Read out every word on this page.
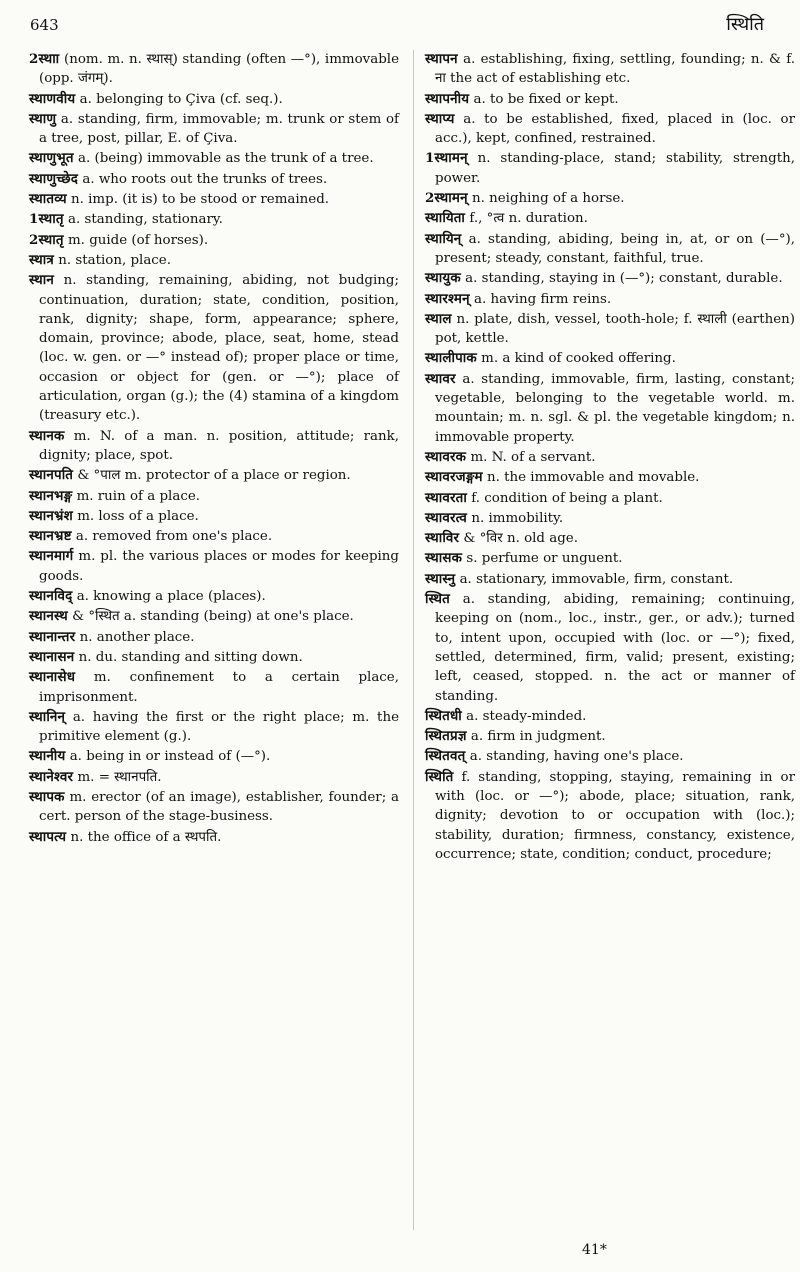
643	स्थिति

2स्थाा (nom. m. n. स्थास्) standing (often —°), immovable (opp. जंगम्).

स्थाणवीय a. belonging to Çiva (cf. seq.).

स्थाणु a. standing, firm, immovable; m. trunk or stem of a tree, post, pillar, E. of Çiva.

स्थाणुभूत a. (being) immovable as the trunk of a tree.

स्थाणुच्छेद a. who roots out the trunks of trees.

स्थातव्य n. imp. (it is) to be stood or remained.

1स्थातृ a. standing, stationary.

2स्थातृ m. guide (of horses).

स्थात्र n. station, place.

स्थान n. standing, remaining, abiding, not budging; continuation, duration; state, condition, position, rank, dignity; shape, form, appearance; sphere, domain, province; abode, place, seat, home, stead (loc. w. gen. or —° instead of); proper place or time, occasion or object for (gen. or —°); place of articulation, organ (g.); the (4) stamina of a kingdom (treasury etc.).

स्थानक m. N. of a man. n. position, attitude; rank, dignity; place, spot.

स्थानपति & °पाल m. protector of a place or region.

स्थानभङ्ग m. ruin of a place.

स्थानभ्रंश m. loss of a place.

स्थानभ्रष्ट a. removed from one's place.

स्थानमार्ग m. pl. the various places or modes for keeping goods.

स्थानविद् a. knowing a place (places).

स्थानस्थ & °स्थित a. standing (being) at one's place.

स्थानान्तर n. another place.

स्थानासन n. du. standing and sitting down.

स्थानासेध m. confinement to a certain place, imprisonment.

स्थानिन् a. having the first or the right place; m. the primitive element (g.).

स्थानीय a. being in or instead of (—°).

स्थानेश्वर m. = स्थानपति.

स्थापक m. erector (of an image), establisher, founder; a cert. person of the stage-business.

स्थापत्य n. the office of a स्थपति.

स्थापन a. establishing, fixing, settling, founding; n. & f. ना the act of establishing etc.

स्थापनीय a. to be fixed or kept.

स्थाप्य a. to be established, fixed, placed in (loc. or acc.), kept, confined, restrained.

1स्थामन् n. standing-place, stand; stability, strength, power.

2स्थामन् n. neighing of a horse.

स्थायिता f., °त्व n. duration.

स्थायिन् a. standing, abiding, being in, at, or on (—°), present; steady, constant, faithful, true.

स्थायुक a. standing, staying in (—°); constant, durable.

स्थारश्मन् a. having firm reins.

स्थाल n. plate, dish, vessel, tooth-hole; f. स्थाली (earthen) pot, kettle.

स्थालीपाक m. a kind of cooked offering.

स्थावर a. standing, immovable, firm, lasting, constant; vegetable, belonging to the vegetable world. m. mountain; m. n. sgl. & pl. the vegetable kingdom; n. immovable property.

स्थावरक m. N. of a servant.

स्थावरजङ्गम n. the immovable and movable.

स्थावरता f. condition of being a plant.

स्थावरत्व n. immobility.

स्थाविर & °विर n. old age.

स्थासक s. perfume or unguent.

स्थास्नु a. stationary, immovable, firm, constant.

स्थित a. standing, abiding, remaining; continuing, keeping on (nom., loc., instr., ger., or adv.); turned to, intent upon, occupied with (loc. or —°); fixed, settled, determined, firm, valid; present, existing; left, ceased, stopped. n. the act or manner of standing.

स्थितधी a. steady-minded.

स्थितप्रज्ञ a. firm in judgment.

स्थितवत् a. standing, having one's place.

स्थिति f. standing, stopping, staying, remaining in or with (loc. or —°); abode, place; situation, rank, dignity; devotion to or occupation with (loc.); stability, duration; firmness, constancy, existence, occurrence; state, condition; conduct, procedure;

41*
